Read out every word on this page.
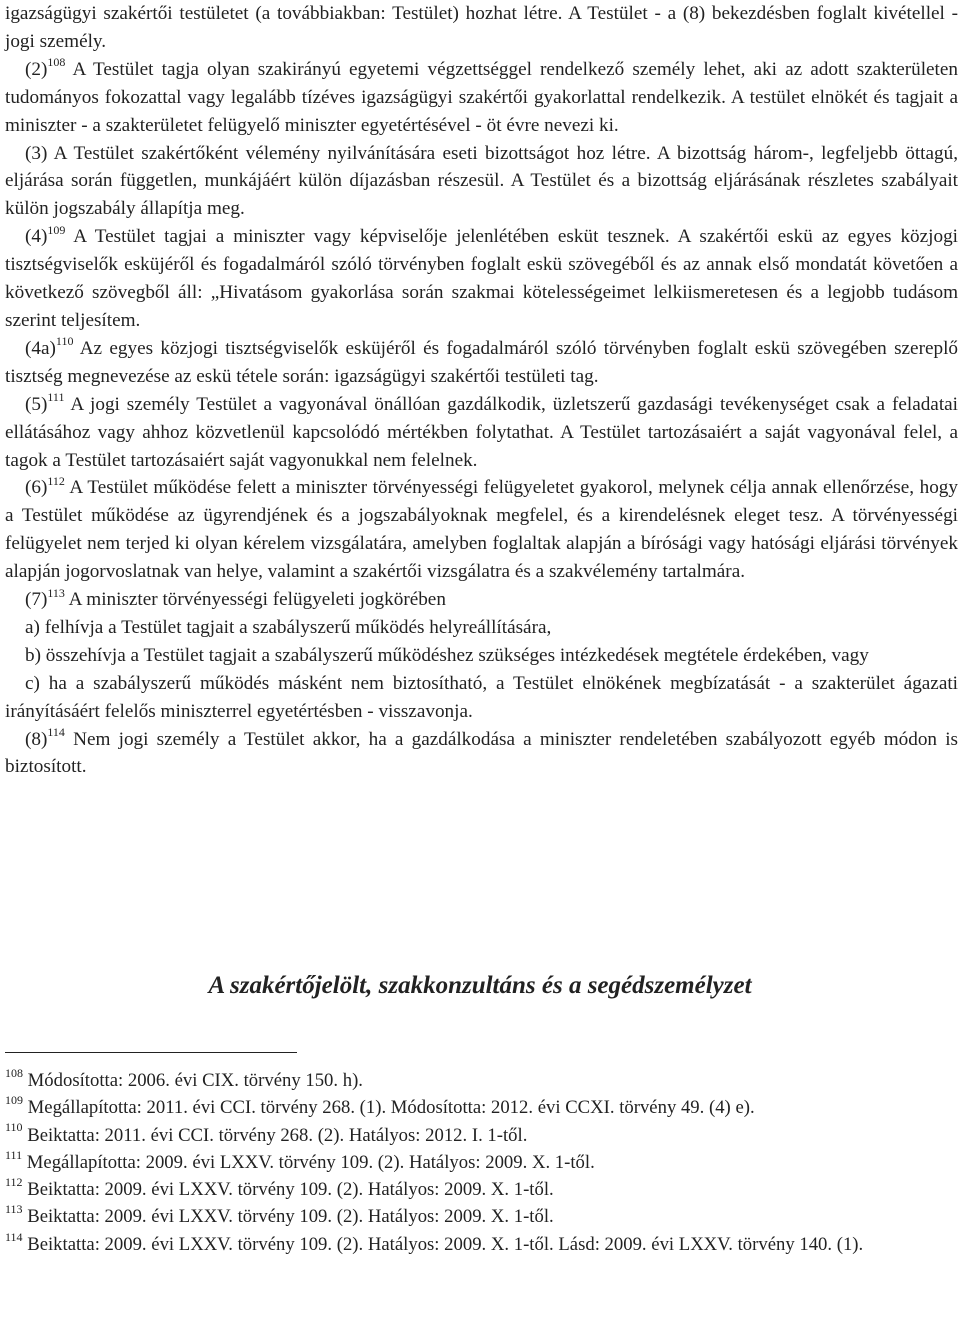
igazságügyi szakértői testületet (a továbbiakban: Testület) hozhat létre. A Testület - a (8) bekezdésben foglalt kivétellel - jogi személy.

$(2)^{108}$ A Testület tagja olyan szakirányú egyetemi végzettséggel rendelkező személy lehet, aki az adott szakterületen tudományos fokozattal vagy legalább tízéves igazságügyi szakértői gyakorlattal rendelkezik. A testület elnökét és tagjait a miniszter - a szakterületet felügyelő miniszter egyetértésével - öt évre nevezi ki.

(3) A Testület szakértőként vélemény nyilvánítására eseti bizottságot hoz létre. A bizottság három-, legfeljebb öttagú, eljárása során független, munkájáért külön díjazásban részesül. A Testület és a bizottság eljárásának részletes szabályait külön jogszabály állapítja meg.

$(4)^{109}$ A Testület tagjai a miniszter vagy képviselője jelenlétében esküt tesznek. A szakértői eskü az egyes közjogi tisztségviselők esküjéről és fogadalmáról szóló törvényben foglalt eskü szövegéből és az annak első mondatát követően a következő szövegből áll: „Hivatásom gyakorlása során szakmai kötelességeimet lelkiismeretesen és a legjobb tudásom szerint teljesítem.

$(4a)^{110}$ Az egyes közjogi tisztségviselők esküjéről és fogadalmáról szóló törvényben foglalt eskü szövegében szereplő tisztség megnevezése az eskü tétele során: igazságügyi szakértői testületi tag.

$(5)^{111}$ A jogi személy Testület a vagyonával önállóan gazdálkodik, üzletszerű gazdasági tevékenységet csak a feladatai ellátásához vagy ahhoz közvetlenül kapcsolódó mértékben folytathat. A Testület tartozásaiért a saját vagyonával felel, a tagok a Testület tartozásaiért saját vagyonukkal nem felelnek.

$(6)^{112}$ A Testület működése felett a miniszter törvényességi felügyeletet gyakorol, melynek célja annak ellenőrzése, hogy a Testület működése az ügyrendjének és a jogszabályoknak megfelel, és a kirendelésnek eleget tesz. A törvényességi felügyelet nem terjed ki olyan kérelem vizsgálatára, amelyben foglaltak alapján a bírósági vagy hatósági eljárási törvények alapján jogorvoslatnak van helye, valamint a szakértői vizsgálatra és a szakvélemény tartalmára.

$(7)^{113}$ A miniszter törvényességi felügyeleti jogkörében

a) felhívja a Testület tagjait a szabályszerű működés helyreállítására,

b) összehívja a Testület tagjait a szabályszerű működéshez szükséges intézkedések megtétele érdekében, vagy

c) ha a szabályszerű működés másként nem biztosítható, a Testület elnökének megbízatását - a szakterület ágazati irányításáért felelős miniszterrel egyetértésben - visszavonja.

$(8)^{114}$ Nem jogi személy a Testület akkor, ha a gazdálkodása a miniszter rendeletében szabályozott egyéb módon is biztosított.

A szakértőjelölt, szakkonzultáns és a segédszemélyzet

$^{108}$ Módosította: 2006. évi CIX. törvény 150. h).

$^{109}$ Megállapította: 2011. évi CCI. törvény 268. (1). Módosította: 2012. évi CCXI. törvény 49. (4) e).

$^{110}$ Beiktatta: 2011. évi CCI. törvény 268. (2). Hatályos: 2012. I. 1-től.

$^{111}$ Megállapította: 2009. évi LXXV. törvény 109. (2). Hatályos: 2009. X. 1-től.

$^{112}$ Beiktatta: 2009. évi LXXV. törvény 109. (2). Hatályos: 2009. X. 1-től.

$^{113}$ Beiktatta: 2009. évi LXXV. törvény 109. (2). Hatályos: 2009. X. 1-től.

$^{114}$ Beiktatta: 2009. évi LXXV. törvény 109. (2). Hatályos: 2009. X. 1-től. Lásd: 2009. évi LXXV. törvény 140. (1).
